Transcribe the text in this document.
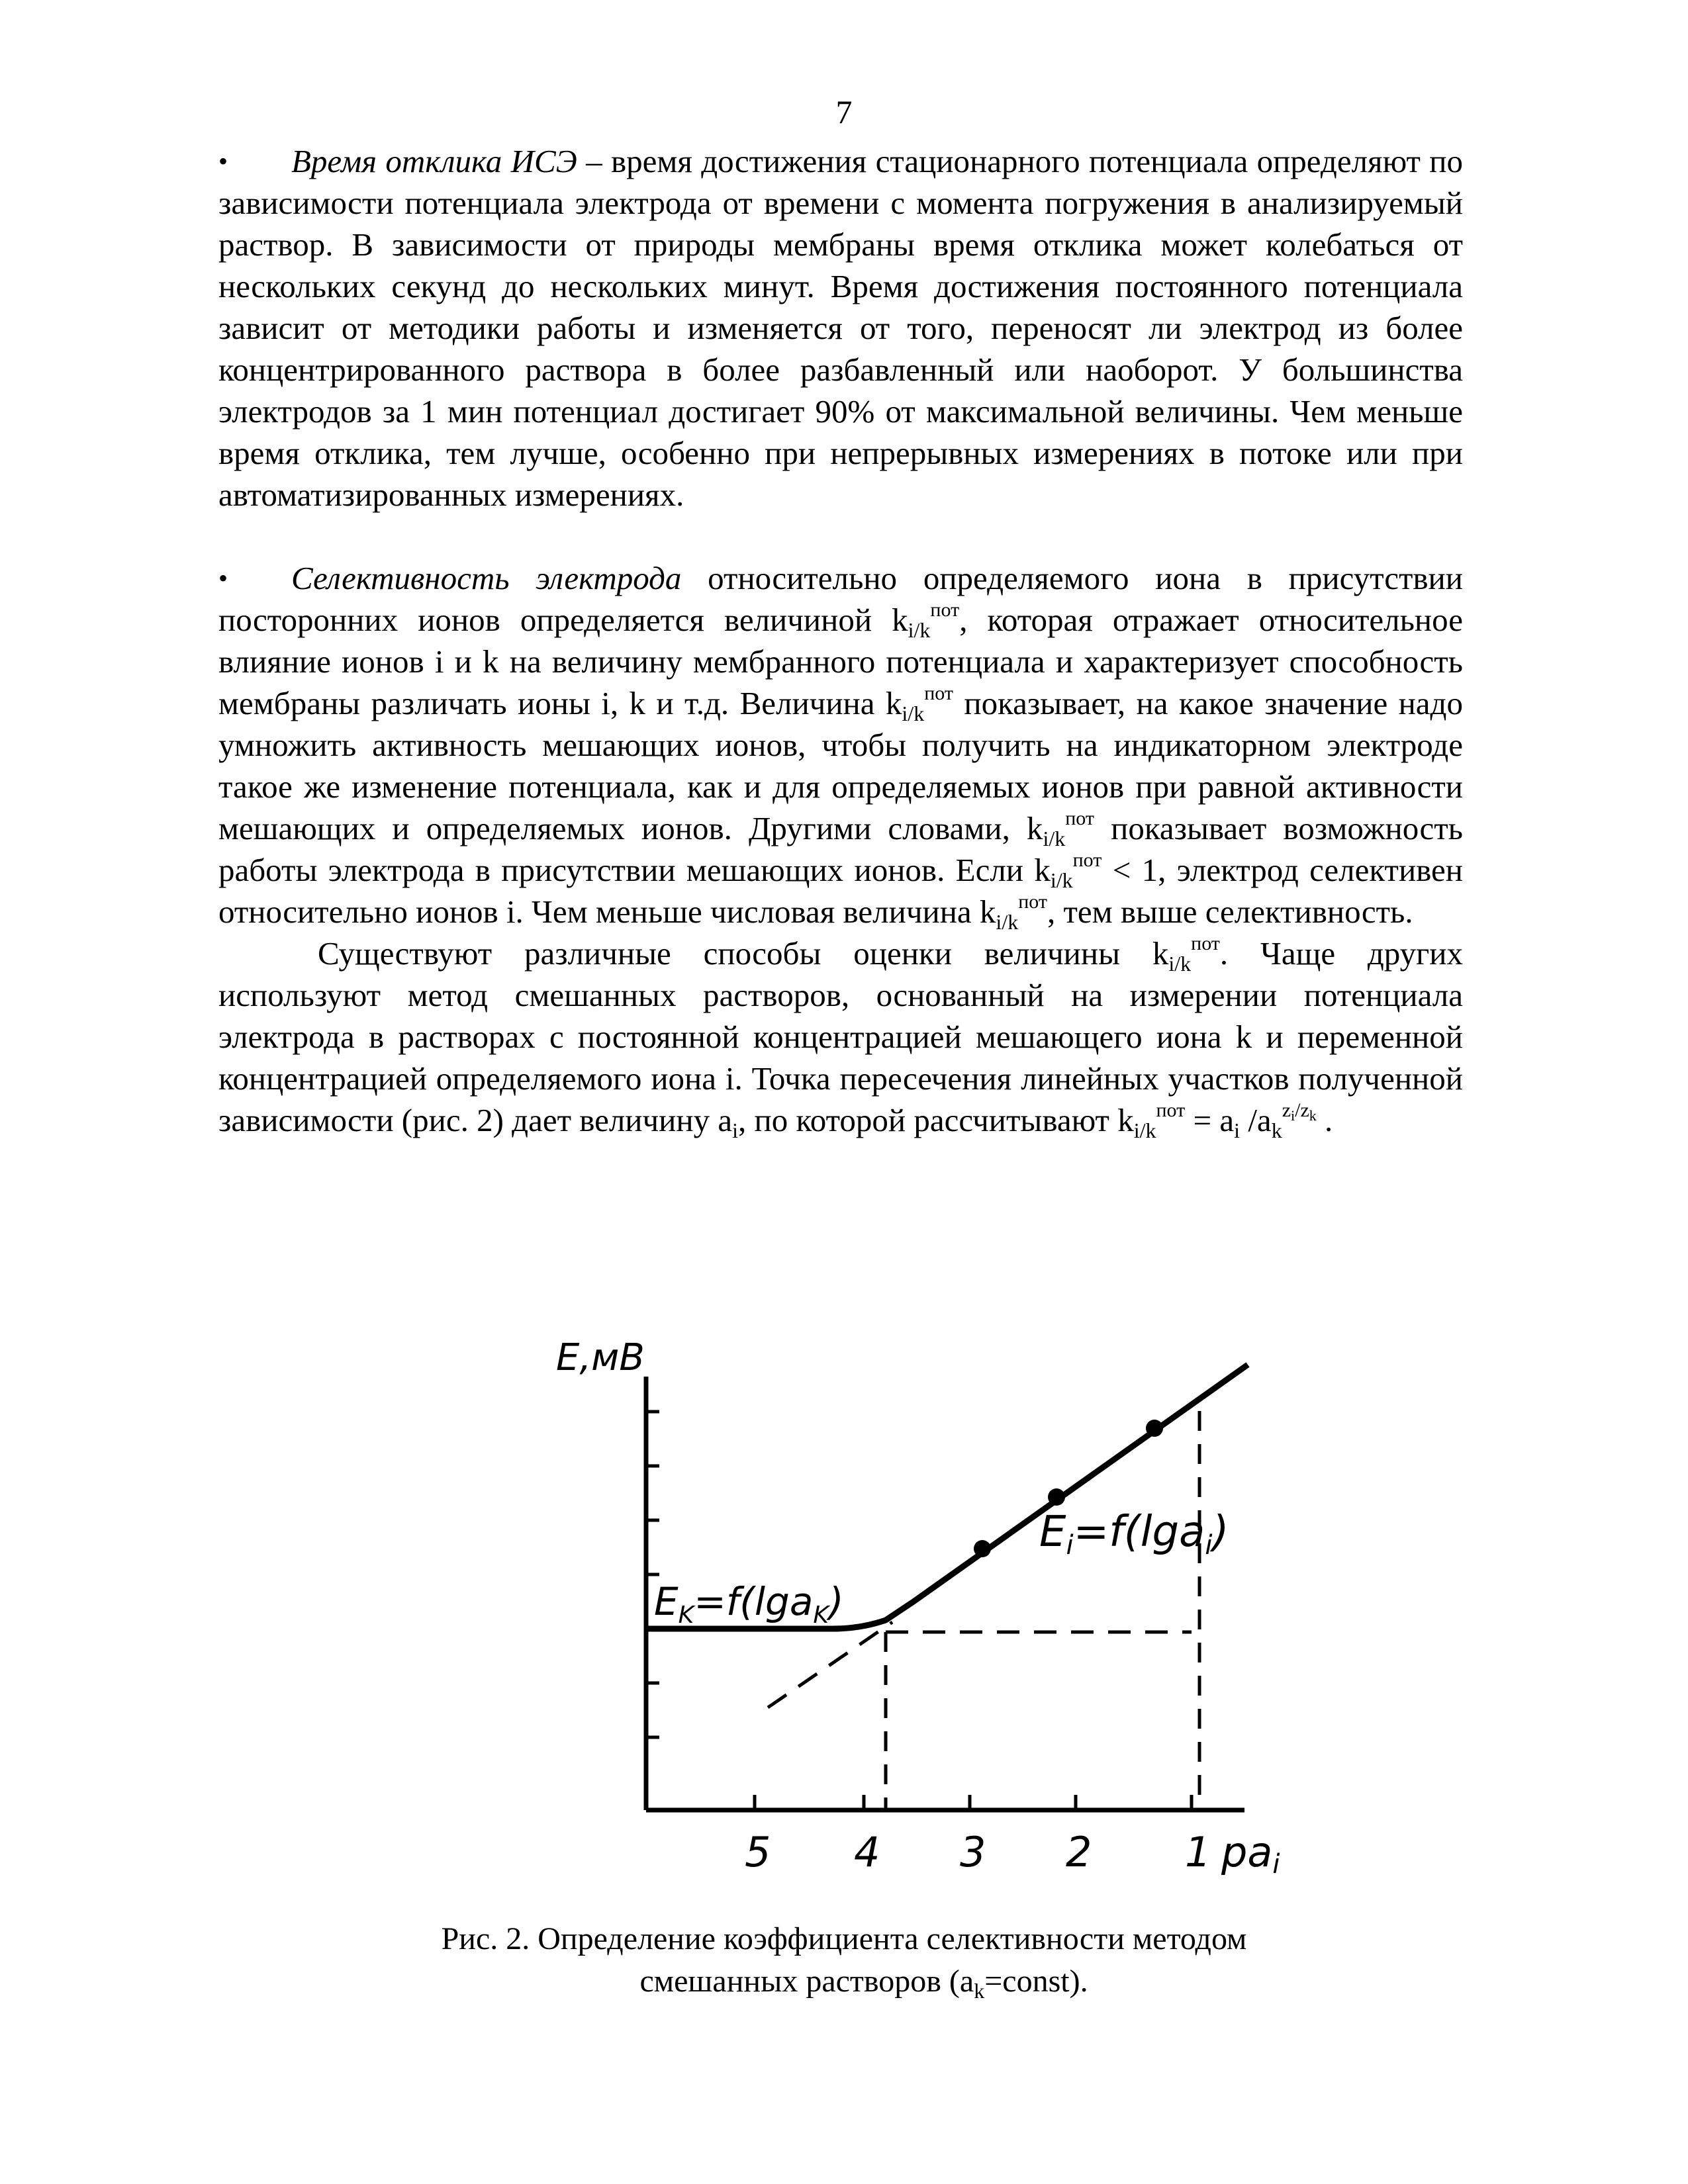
7

• Время отклика ИСЭ – время достижения стационарного потенциала определяют по зависимости потенциала электрода от времени с момента погружения в анализируемый раствор. В зависимости от природы мембраны время отклика может колебаться от нескольких секунд до нескольких минут. Время достижения постоянного потенциала зависит от методики работы и изменяется от того, переносят ли электрод из более концентрированного раствора в более разбавленный или наоборот. У большинства электродов за 1 мин потенциал достигает 90% от максимальной величины. Чем меньше время отклика, тем лучше, особенно при непрерывных измерениях в потоке или при автоматизированных измерениях.

• Селективность электрода относительно определяемого иона в присутствии посторонних ионов определяется величиной $k_{i/k}^{пот}$, которая отражает относительное влияние ионов i и k на величину мембранного потенциала и характеризует способность мембраны различать ионы i, k и т.д. Величина $k_{i/k}^{пот}$ показывает, на какое значение надо умножить активность мешающих ионов, чтобы получить на индикаторном электроде такое же изменение потенциала, как и для определяемых ионов при равной активности мешающих и определяемых ионов. Другими словами, $k_{i/k}^{пот}$ показывает возможность работы электрода в присутствии мешающих ионов. Если $k_{i/k}^{пот} < 1$, электрод селективен относительно ионов i. Чем меньше числовая величина $k_{i/k}^{пот}$, тем выше селективность.

Существуют различные способы оценки величины $k_{i/k}^{пот}$. Чаще других используют метод смешанных растворов, основанный на измерении потенциала электрода в растворах с постоянной концентрацией мешающего иона k и переменной концентрацией определяемого иона i. Точка пересечения линейных участков полученной зависимости (рис. 2) дает величину $a_i$, по которой рассчитывают $k_{i/k}^{пот} = a_i$ $/a_k^{z_i/z_k}$ .

E,мВ
$E_K=f(\lg a_K)$
Ei=f(lgai)
5 4 3 2 1 pai
Рис. 2. Определение коэффициента селективности методом

смешанных растворов $(a_k=const)$.
